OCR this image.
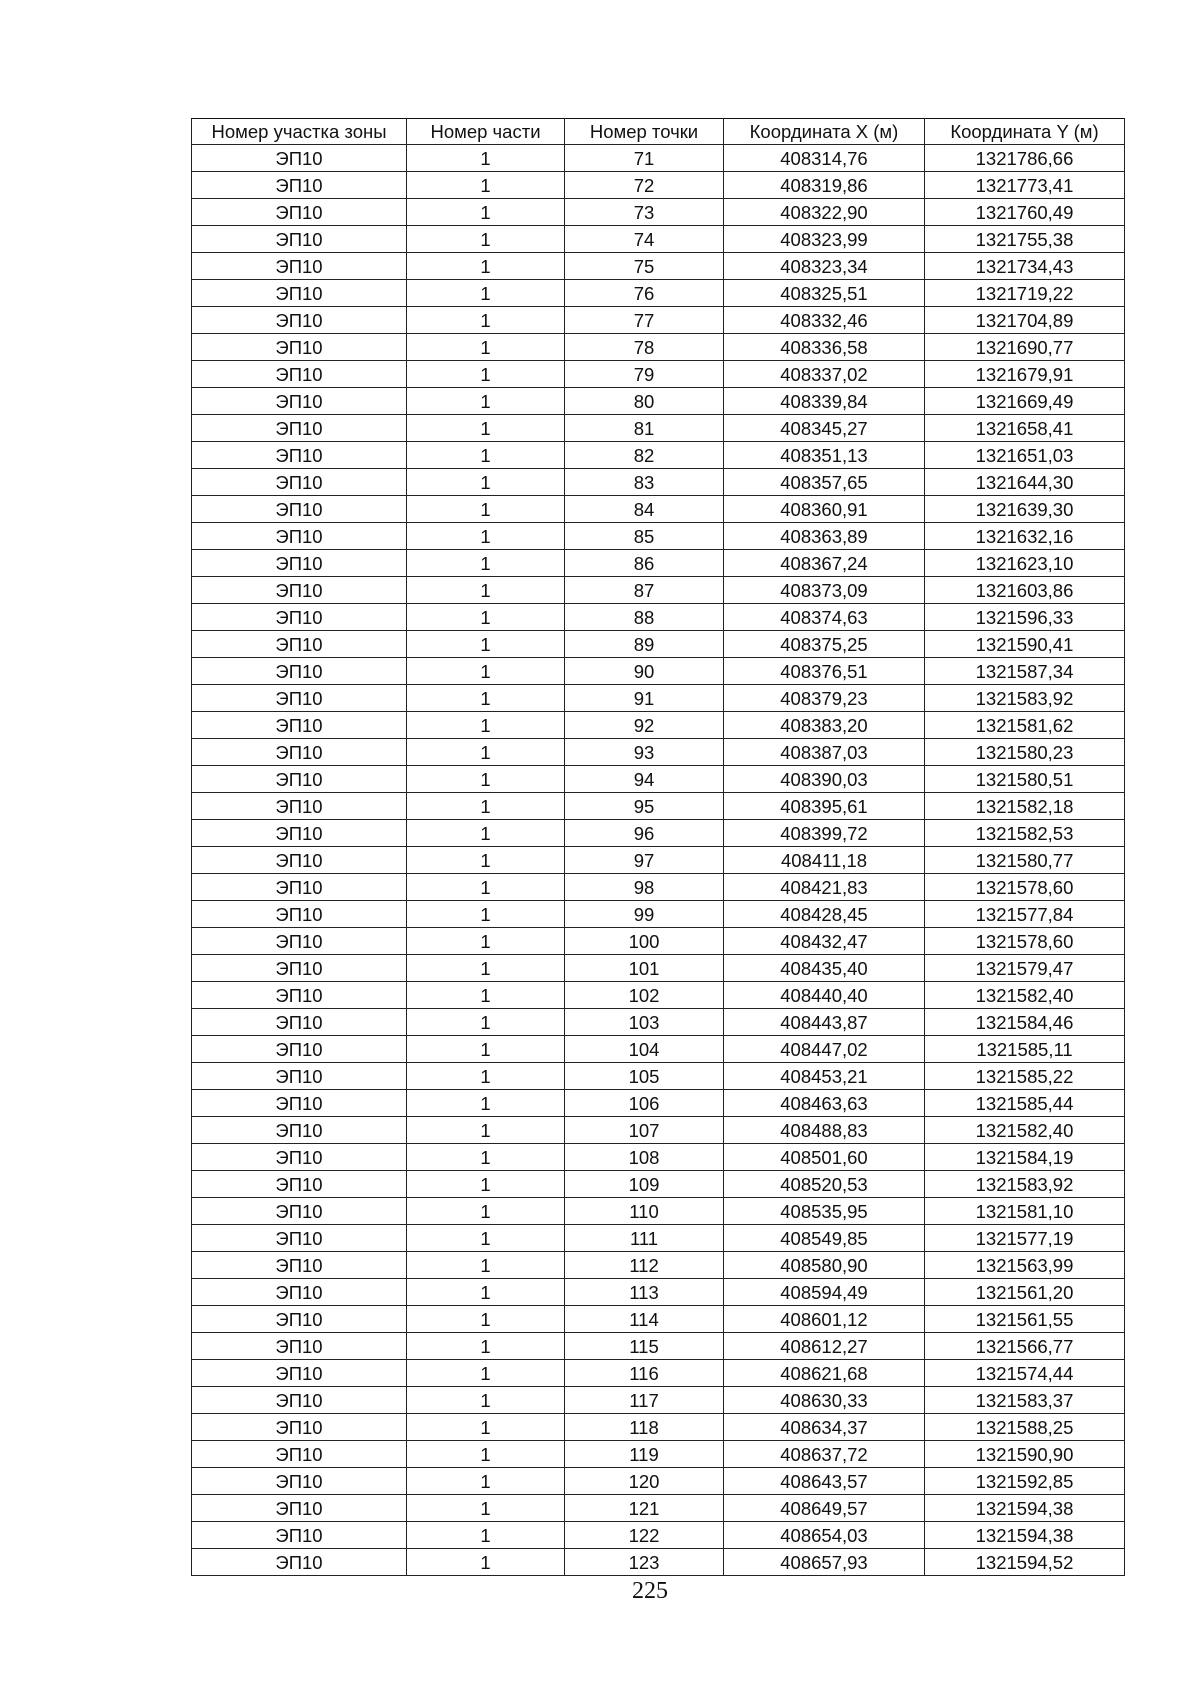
Номер участка зоны	Номер части	Номер точки	Координата X (м)	Координата Y (м)
ЭП10	1	71	408314,76	1321786,66
ЭП10	1	72	408319,86	1321773,41
ЭП10	1	73	408322,90	1321760,49
ЭП10	1	74	408323,99	1321755,38
ЭП10	1	75	408323,34	1321734,43
ЭП10	1	76	408325,51	1321719,22
ЭП10	1	77	408332,46	1321704,89
ЭП10	1	78	408336,58	1321690,77
ЭП10	1	79	408337,02	1321679,91
ЭП10	1	80	408339,84	1321669,49
ЭП10	1	81	408345,27	1321658,41
ЭП10	1	82	408351,13	1321651,03
ЭП10	1	83	408357,65	1321644,30
ЭП10	1	84	408360,91	1321639,30
ЭП10	1	85	408363,89	1321632,16
ЭП10	1	86	408367,24	1321623,10
ЭП10	1	87	408373,09	1321603,86
ЭП10	1	88	408374,63	1321596,33
ЭП10	1	89	408375,25	1321590,41
ЭП10	1	90	408376,51	1321587,34
ЭП10	1	91	408379,23	1321583,92
ЭП10	1	92	408383,20	1321581,62
ЭП10	1	93	408387,03	1321580,23
ЭП10	1	94	408390,03	1321580,51
ЭП10	1	95	408395,61	1321582,18
ЭП10	1	96	408399,72	1321582,53
ЭП10	1	97	408411,18	1321580,77
ЭП10	1	98	408421,83	1321578,60
ЭП10	1	99	408428,45	1321577,84
ЭП10	1	100	408432,47	1321578,60
ЭП10	1	101	408435,40	1321579,47
ЭП10	1	102	408440,40	1321582,40
ЭП10	1	103	408443,87	1321584,46
ЭП10	1	104	408447,02	1321585,11
ЭП10	1	105	408453,21	1321585,22
ЭП10	1	106	408463,63	1321585,44
ЭП10	1	107	408488,83	1321582,40
ЭП10	1	108	408501,60	1321584,19
ЭП10	1	109	408520,53	1321583,92
ЭП10	1	110	408535,95	1321581,10
ЭП10	1	111	408549,85	1321577,19
ЭП10	1	112	408580,90	1321563,99
ЭП10	1	113	408594,49	1321561,20
ЭП10	1	114	408601,12	1321561,55
ЭП10	1	115	408612,27	1321566,77
ЭП10	1	116	408621,68	1321574,44
ЭП10	1	117	408630,33	1321583,37
ЭП10	1	118	408634,37	1321588,25
ЭП10	1	119	408637,72	1321590,90
ЭП10	1	120	408643,57	1321592,85
ЭП10	1	121	408649,57	1321594,38
ЭП10	1	122	408654,03	1321594,38
ЭП10	1	123	408657,93	1321594,52
225
